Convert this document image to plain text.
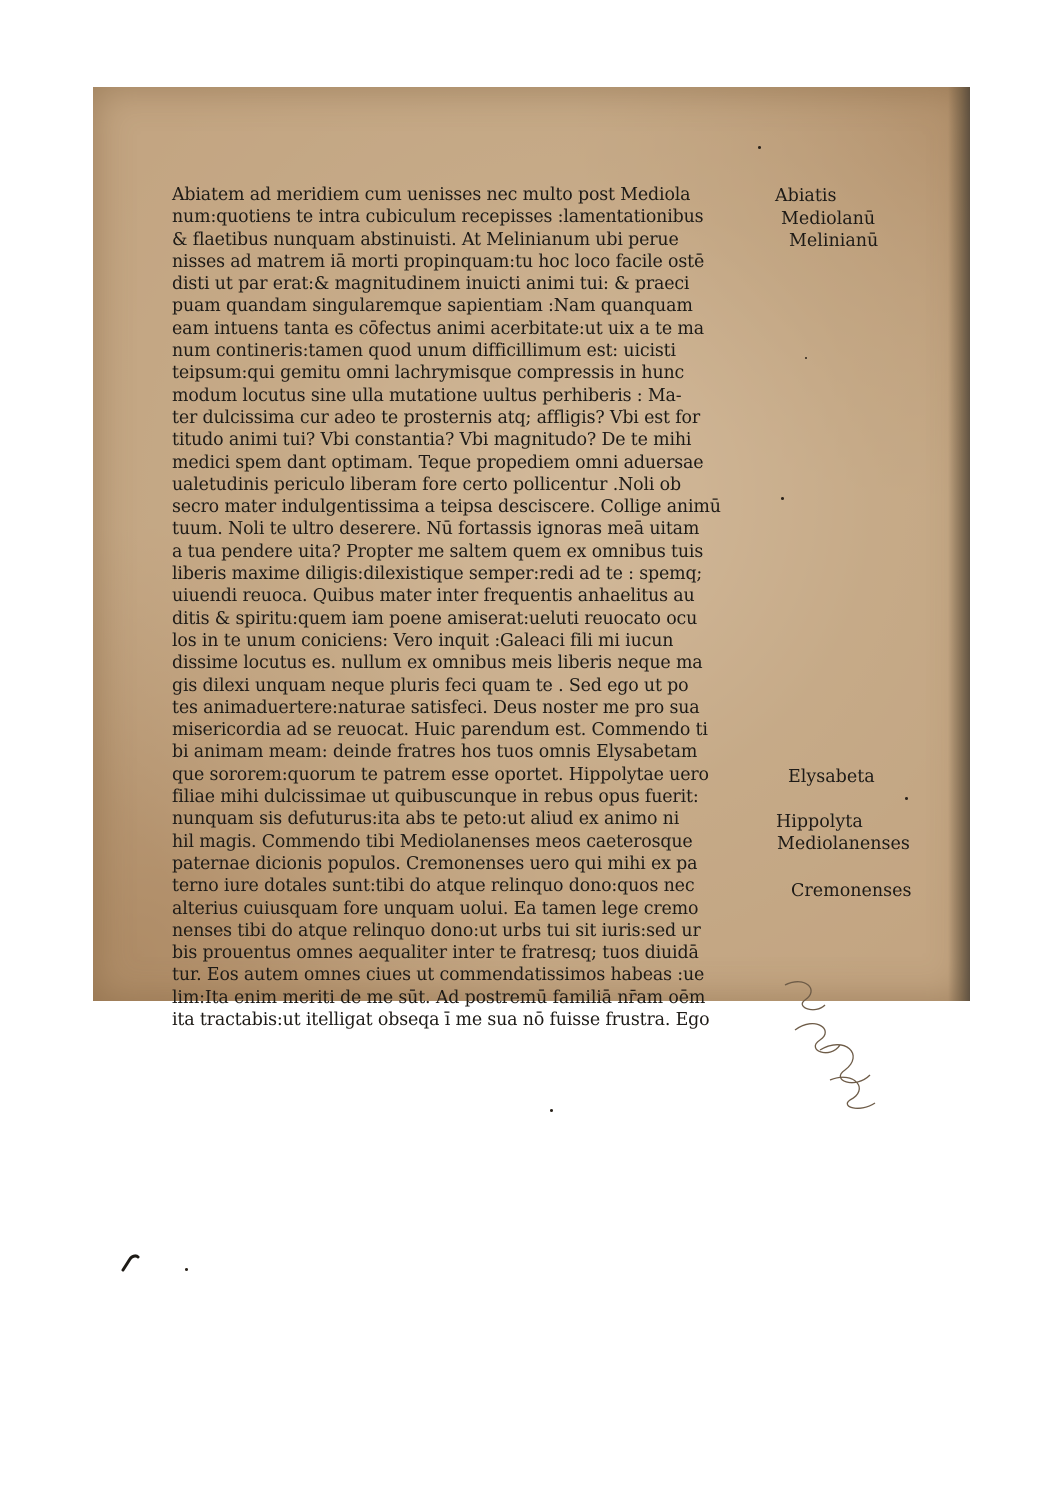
Abiatem ad meridiem cum uenisses nec multo post Mediola
num:quotiens te intra cubiculum recepisses :lamentationibus
& flaetibus nunquam abstinuisti. At Melinianum ubi perue
nisses ad matrem iā morti propinquam:tu hoc loco facile ostē
disti ut par erat:& magnitudinem inuicti animi tui: & praeci
puam quandam singularemque sapientiam :Nam quanquam
eam intuens tanta es cōfectus animi acerbitate:ut uix a te ma
num contineris:tamen quod unum difficillimum est: uicisti
teipsum:qui gemitu omni lachrymisque compressis in hunc
modum locutus sine ulla mutatione uultus perhiberis : Ma-
ter dulcissima cur adeo te prosternis atq; affligis? Vbi est for
titudo animi tui? Vbi constantia? Vbi magnitudo? De te mihi
medici spem dant optimam. Teque propediem omni aduersae
ualetudinis periculo liberam fore certo pollicentur .Noli ob
secro mater indulgentissima a teipsa desciscere. Collige animū
tuum. Noli te ultro deserere. Nū fortassis ignoras meā uitam
a tua pendere uita? Propter me saltem quem ex omnibus tuis
liberis maxime diligis:dilexistique semper:redi ad te : spemq;
uiuendi reuoca. Quibus mater inter frequentis anhaelitus au
ditis & spiritu:quem iam poene amiserat:ueluti reuocato ocu
los in te unum coniciens: Vero inquit :Galeaci fili mi iucun
dissime locutus es. nullum ex omnibus meis liberis neque ma
gis dilexi unquam neque pluris feci quam te . Sed ego ut po
tes animaduertere:naturae satisfeci. Deus noster me pro sua
misericordia ad se reuocat. Huic parendum est. Commendo ti
bi animam meam: deinde fratres hos tuos omnis Elysabetam
que sororem:quorum te patrem esse oportet. Hippolytae uero
filiae mihi dulcissimae ut quibuscunque in rebus opus fuerit:
nunquam sis defuturus:ita abs te peto:ut aliud ex animo ni
hil magis. Commendo tibi Mediolanenses meos caeterosque
paternae dicionis populos. Cremonenses uero qui mihi ex pa
terno iure dotales sunt:tibi do atque relinquo dono:quos nec
alterius cuiusquam fore unquam uolui. Ea tamen lege cremo
nenses tibi do atque relinquo dono:ut urbs tui sit iuris:sed ur
bis prouentus omnes aequaliter inter te fratresq; tuos diuidā
tur. Eos autem omnes ciues ut commendatissimos habeas :ue
lim:Ita enim meriti de me sūt. Ad postremū familiā nr̄am oēm
ita tractabis:ut itelligat obseqa ī me sua nō fuisse frustra. Ego
Abiatis
Mediolanū
Melinianū
Elysabeta
Hippolyta
Mediolanenses
Cremonenses
